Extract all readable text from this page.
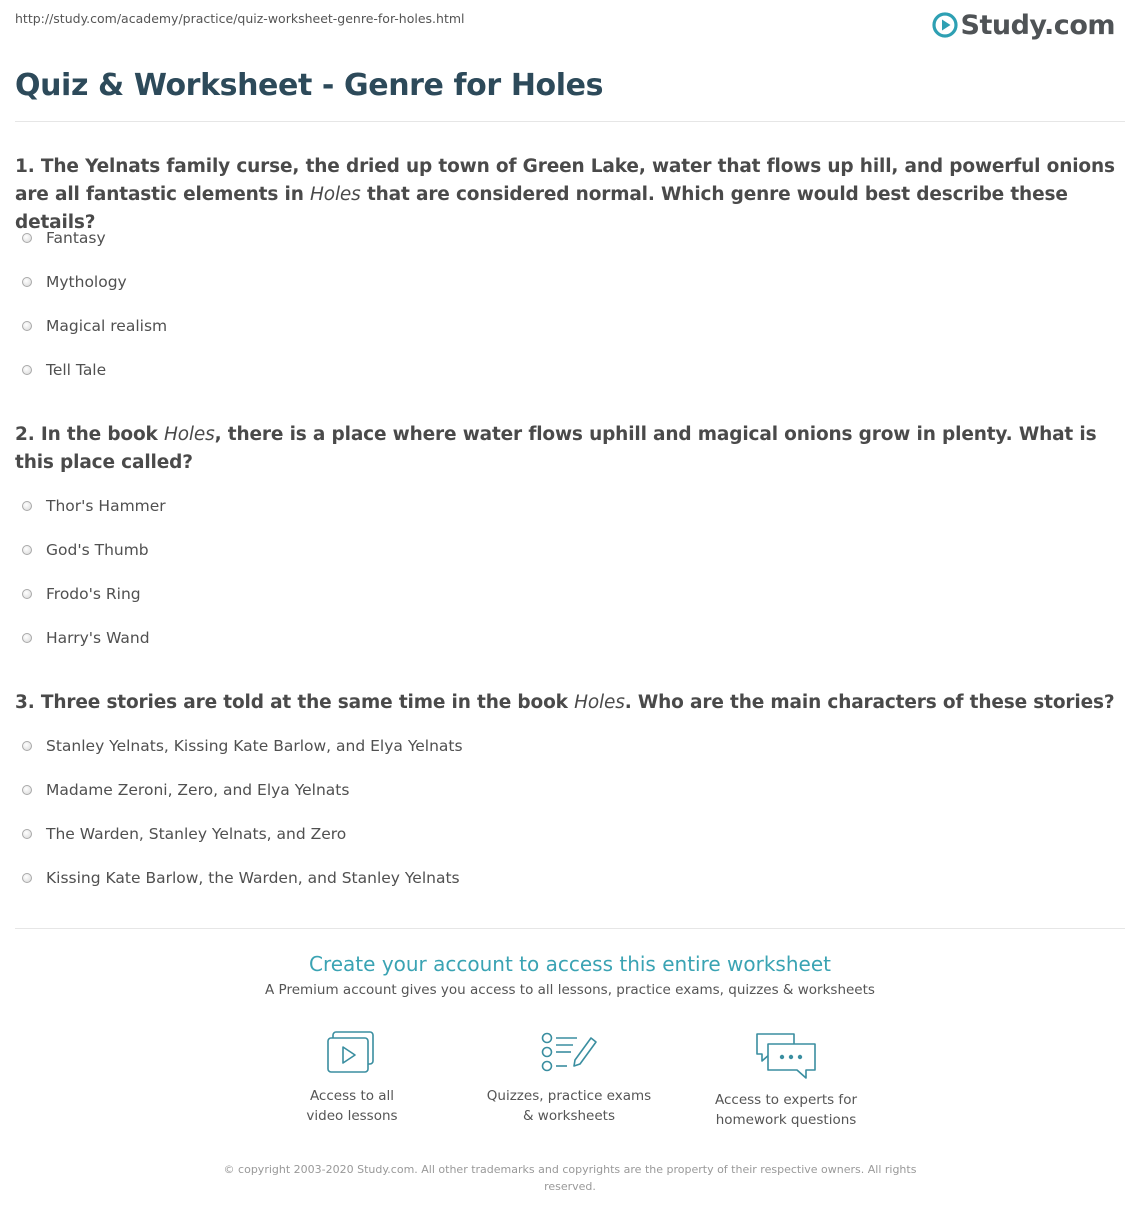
http://study.com/academy/practice/quiz-worksheet-genre-for-holes.html	Study.com
Quiz & Worksheet - Genre for Holes

1. The Yelnats family curse, the dried up town of Green Lake, water that flows up hill, and powerful onions are all fantastic elements in Holes that are considered normal. Which genre would best describe these details?

Fantasy
Mythology
Magical realism
Tell Tale

2. In the book Holes, there is a place where water flows uphill and magical onions grow in plenty. What is this place called?

Thor's Hammer
God's Thumb
Frodo's Ring
Harry's Wand

3. Three stories are told at the same time in the book Holes. Who are the main characters of these stories?

Stanley Yelnats, Kissing Kate Barlow, and Elya Yelnats
Madame Zeroni, Zero, and Elya Yelnats
The Warden, Stanley Yelnats, and Zero
Kissing Kate Barlow, the Warden, and Stanley Yelnats
Create your account to access this entire worksheet
A Premium account gives you access to all lessons, practice exams, quizzes & worksheets
Access to all
video lessons
Quizzes, practice exams
& worksheets
Access to experts for
homework questions
© copyright 2003-2020 Study.com. All other trademarks and copyrights are the property of their respective owners. All rights reserved.
